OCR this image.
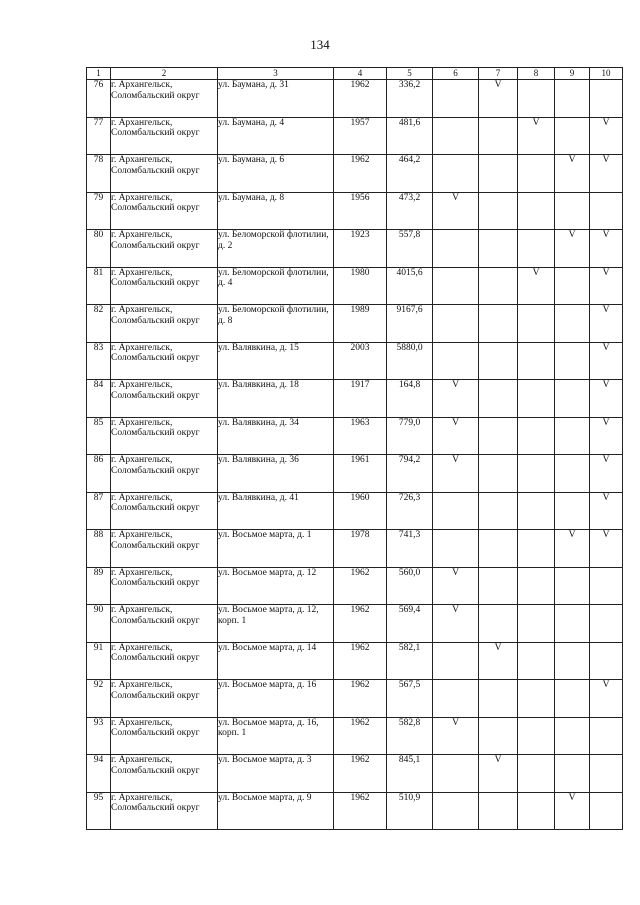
134
1	2	3	4	5	6	7	8	9	10
76	г. Архангельск, Соломбальский округ	ул. Баумана, д. 31	1962	336,2		V			
77	г. Архангельск, Соломбальский округ	ул. Баумана, д. 4	1957	481,6			V		V
78	г. Архангельск, Соломбальский округ	ул. Баумана, д. 6	1962	464,2				V	V
79	г. Архангельск, Соломбальский округ	ул. Баумана, д. 8	1956	473,2	V				
80	г. Архангельск, Соломбальский округ	ул. Беломорской флотилии, д. 2	1923	557,8				V	V
81	г. Архангельск, Соломбальский округ	ул. Беломорской флотилии, д. 4	1980	4015,6			V		V
82	г. Архангельск, Соломбальский округ	ул. Беломорской флотилии, д. 8	1989	9167,6					V
83	г. Архангельск, Соломбальский округ	ул. Валявкина, д. 15	2003	5880,0					V
84	г. Архангельск, Соломбальский округ	ул. Валявкина, д. 18	1917	164,8	V				V
85	г. Архангельск, Соломбальский округ	ул. Валявкина, д. 34	1963	779,0	V				V
86	г. Архангельск, Соломбальский округ	ул. Валявкина, д. 36	1961	794,2	V				V
87	г. Архангельск, Соломбальский округ	ул. Валявкина, д. 41	1960	726,3					V
88	г. Архангельск, Соломбальский округ	ул. Восьмое марта, д. 1	1978	741,3				V	V
89	г. Архангельск, Соломбальский округ	ул. Восьмое марта, д. 12	1962	560,0	V				
90	г. Архангельск, Соломбальский округ	ул. Восьмое марта, д. 12, корп. 1	1962	569,4	V				
91	г. Архангельск, Соломбальский округ	ул. Восьмое марта, д. 14	1962	582,1		V			
92	г. Архангельск, Соломбальский округ	ул. Восьмое марта, д. 16	1962	567,5					V
93	г. Архангельск, Соломбальский округ	ул. Восьмое марта, д. 16, корп. 1	1962	582,8	V				
94	г. Архангельск, Соломбальский округ	ул. Восьмое марта, д. 3	1962	845,1		V			
95	г. Архангельск, Соломбальский округ	ул. Восьмое марта, д. 9	1962	510,9				V	
